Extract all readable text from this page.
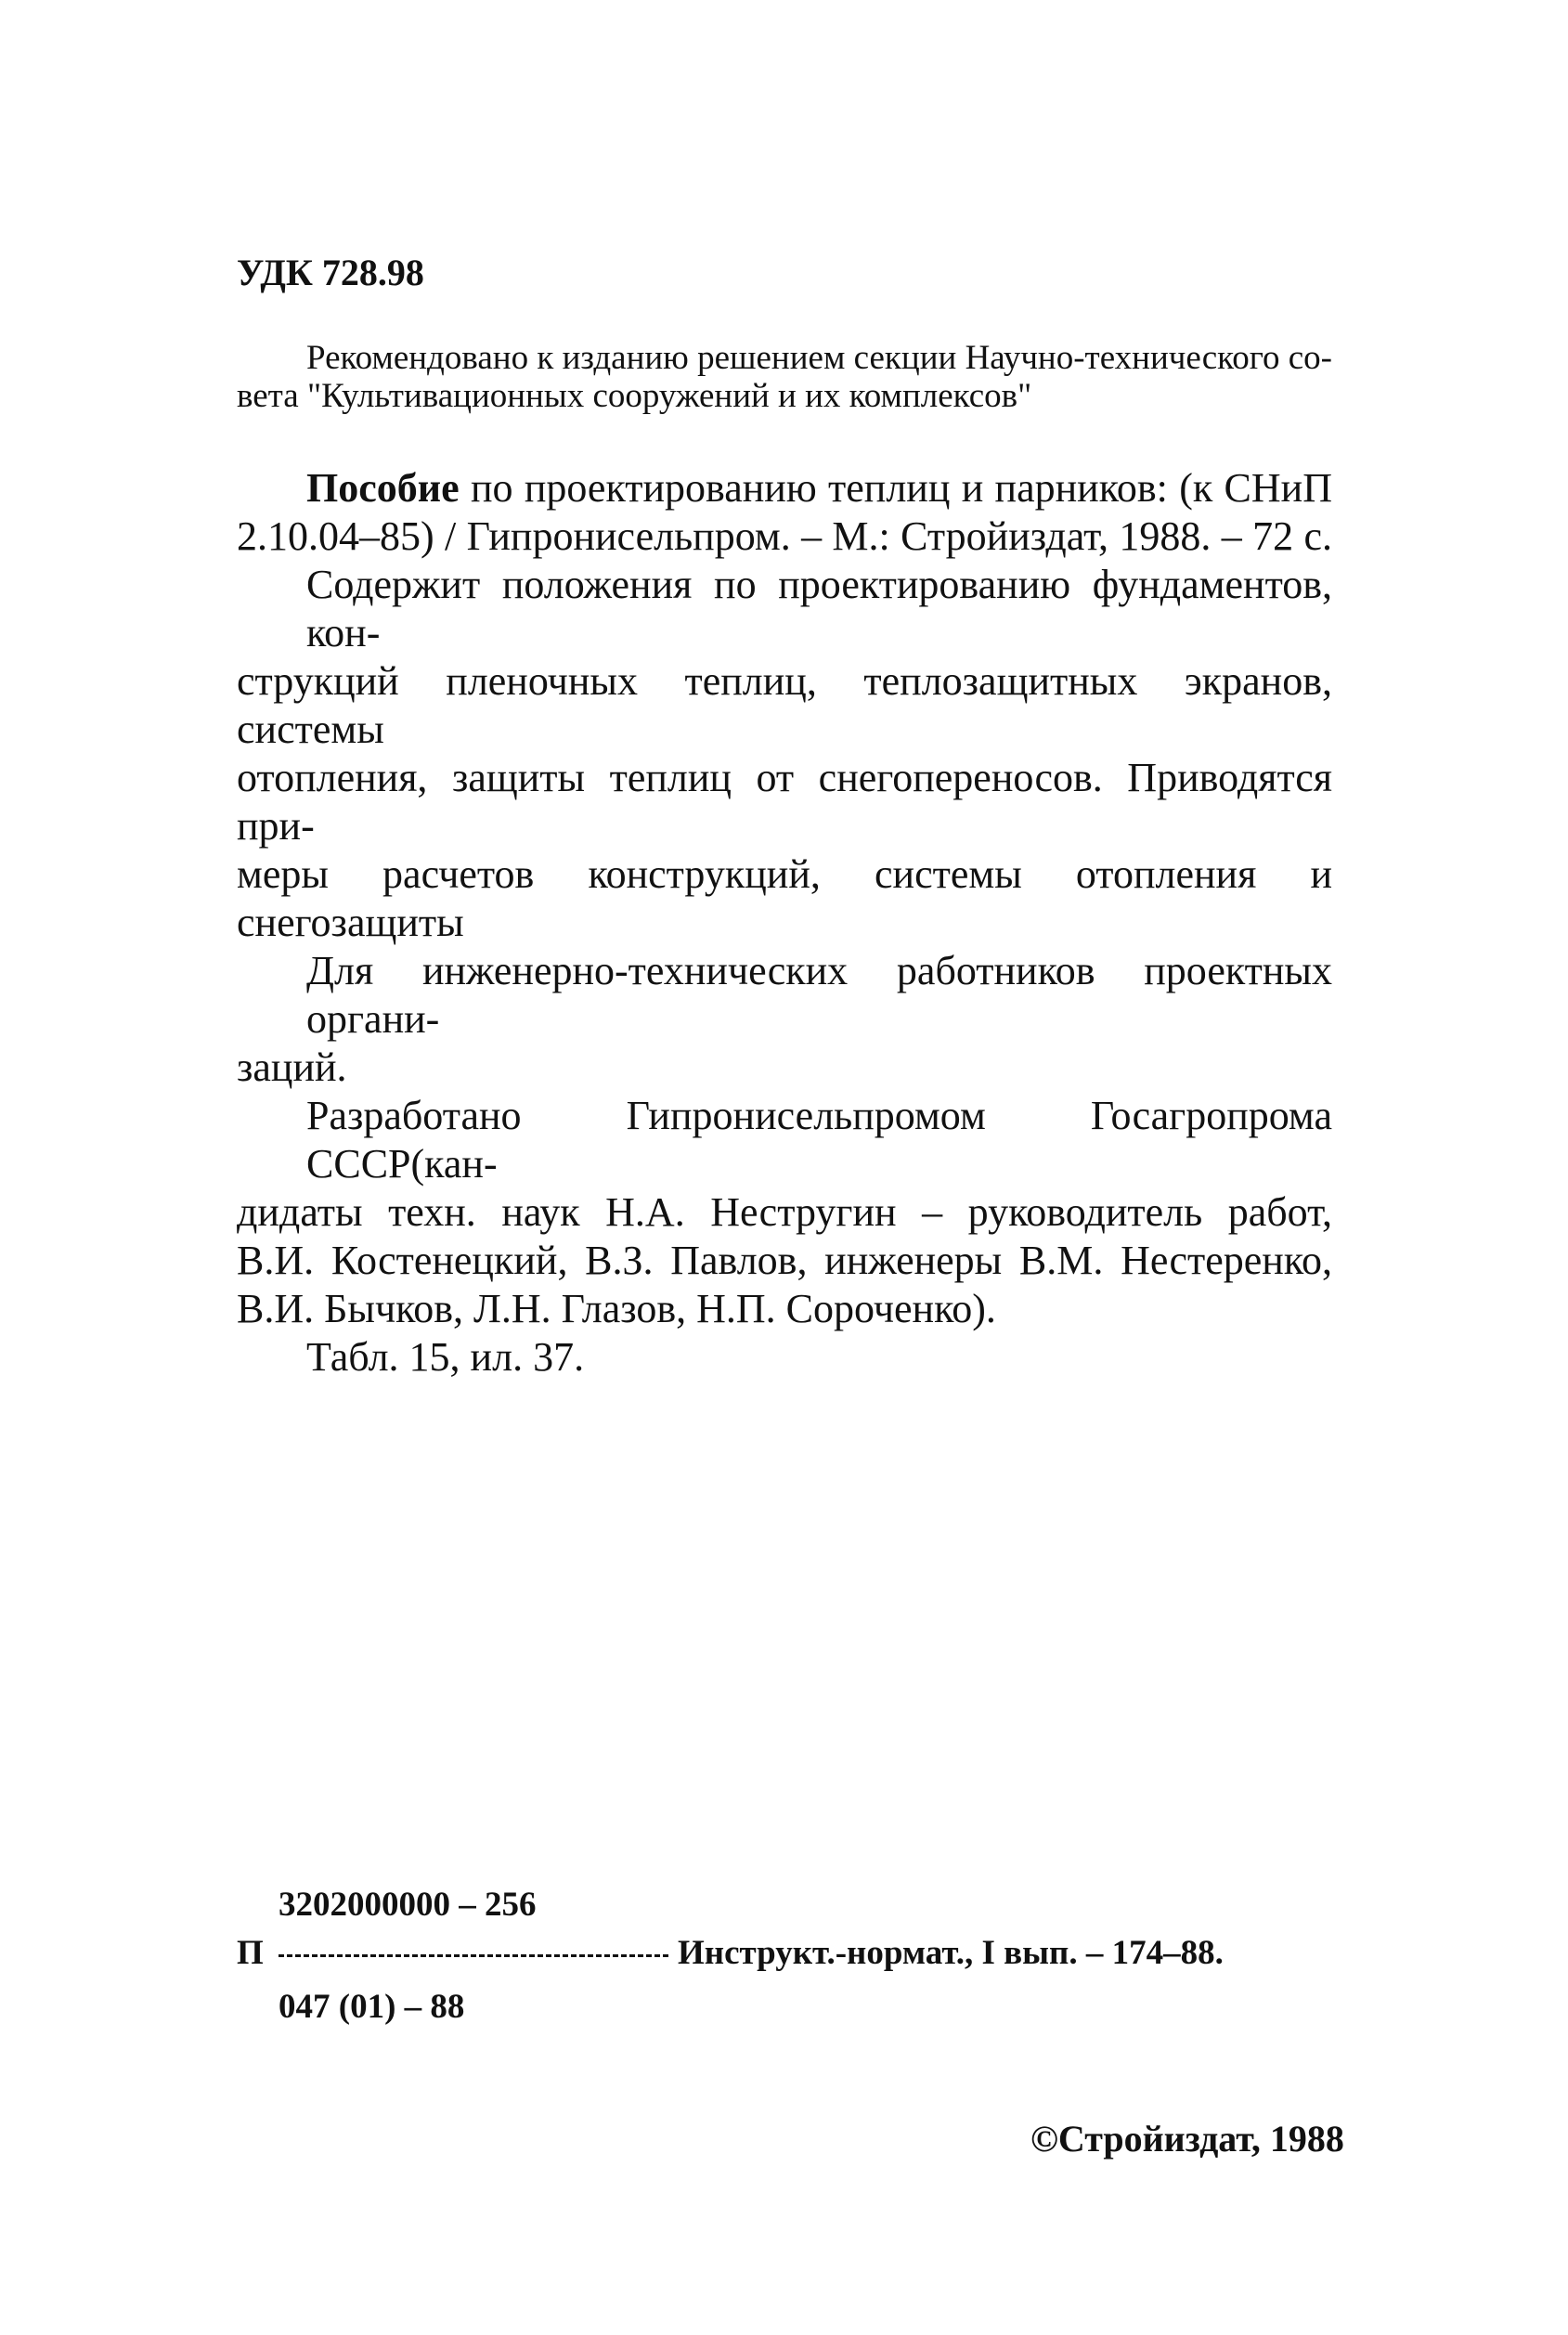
УДК 728.98
Рекомендовано к изданию решением секции Научно-технического со-
вета "Культивационных сооружений и их комплексов"

Пособие по проектированию теплиц и парников: (к СНиП
2.10.04–85) / Гипронисельпром. – М.: Стройиздат, 1988. – 72 с.

Содержит положения по проектированию фундаментов, кон-
струкций пленочных теплиц, теплозащитных экранов, системы
отопления, защиты теплиц от снегопереносов. Приводятся при-
меры расчетов конструкций, системы отопления и снегозащиты

Для инженерно-технических работников проектных органи-
заций.

Разработано Гипронисельпромом Госагропрома СССР(кан-
дидаты техн. наук Н.А. Нестругин – руководитель работ,
В.И. Костенецкий, В.З. Павлов, инженеры В.М. Нестеренко,
В.И. Бычков, Л.Н. Глазов, Н.П. Сороченко).

Табл. 15, ил. 37.

3202000000 – 256
П	Инструкт.-нормат., I вып. – 174–88.
047 (01) – 88
©Стройиздат, 1988
